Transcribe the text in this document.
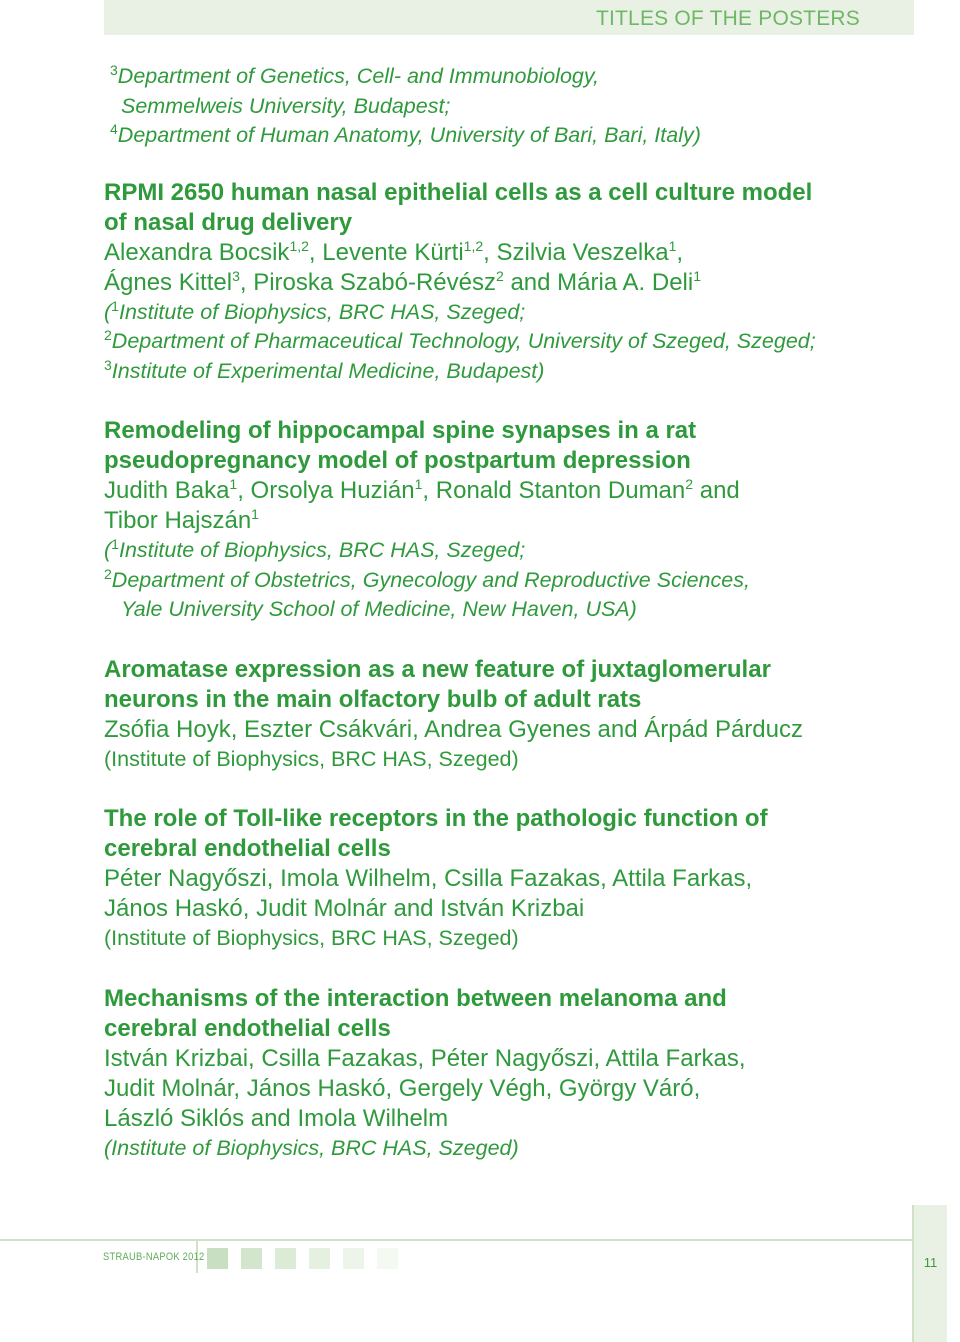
TITLES OF THE POSTERS
$^3$Department of Genetics, Cell- and Immunobiology,
Semmelweis University, Budapest;
$^4$Department of Human Anatomy, University of Bari, Bari, Italy)
RPMI 2650 human nasal epithelial cells as a cell culture model
of nasal drug delivery
Alexandra Bocsik$^{1,2}$, Levente Kürti$^{1,2}$, Szilvia Veszelka$^1$,
Ágnes Kittel$^3$, Piroska Szabó-Révész$^2$ and Mária A. Deli$^1$
($^1$Institute of Biophysics, BRC HAS, Szeged;
$^2$Department of Pharmaceutical Technology, University of Szeged, Szeged;
$^3$Institute of Experimental Medicine, Budapest)
Remodeling of hippocampal spine synapses in a rat
pseudopregnancy model of postpartum depression
Judith Baka$^1$, Orsolya Huzián$^1$, Ronald Stanton Duman$^2$ and
Tibor Hajszán$^1$
($^1$Institute of Biophysics, BRC HAS, Szeged;
$^2$Department of Obstetrics, Gynecology and Reproductive Sciences,
Yale University School of Medicine, New Haven, USA)
Aromatase expression as a new feature of juxtaglomerular
neurons in the main olfactory bulb of adult rats
Zsófia Hoyk, Eszter Csákvári, Andrea Gyenes and Árpád Párducz
(Institute of Biophysics, BRC HAS, Szeged)
The role of Toll-like receptors in the pathologic function of
cerebral endothelial cells
Péter Nagyőszi, Imola Wilhelm, Csilla Fazakas, Attila Farkas,
János Haskó, Judit Molnár and István Krizbai
(Institute of Biophysics, BRC HAS, Szeged)
Mechanisms of the interaction between melanoma and
cerebral endothelial cells
István Krizbai, Csilla Fazakas, Péter Nagyőszi, Attila Farkas,
Judit Molnár, János Haskó, Gergely Végh, György Váró,
László Siklós and Imola Wilhelm
(Institute of Biophysics, BRC HAS, Szeged)
STRAUB-NAPOK 2012	11
